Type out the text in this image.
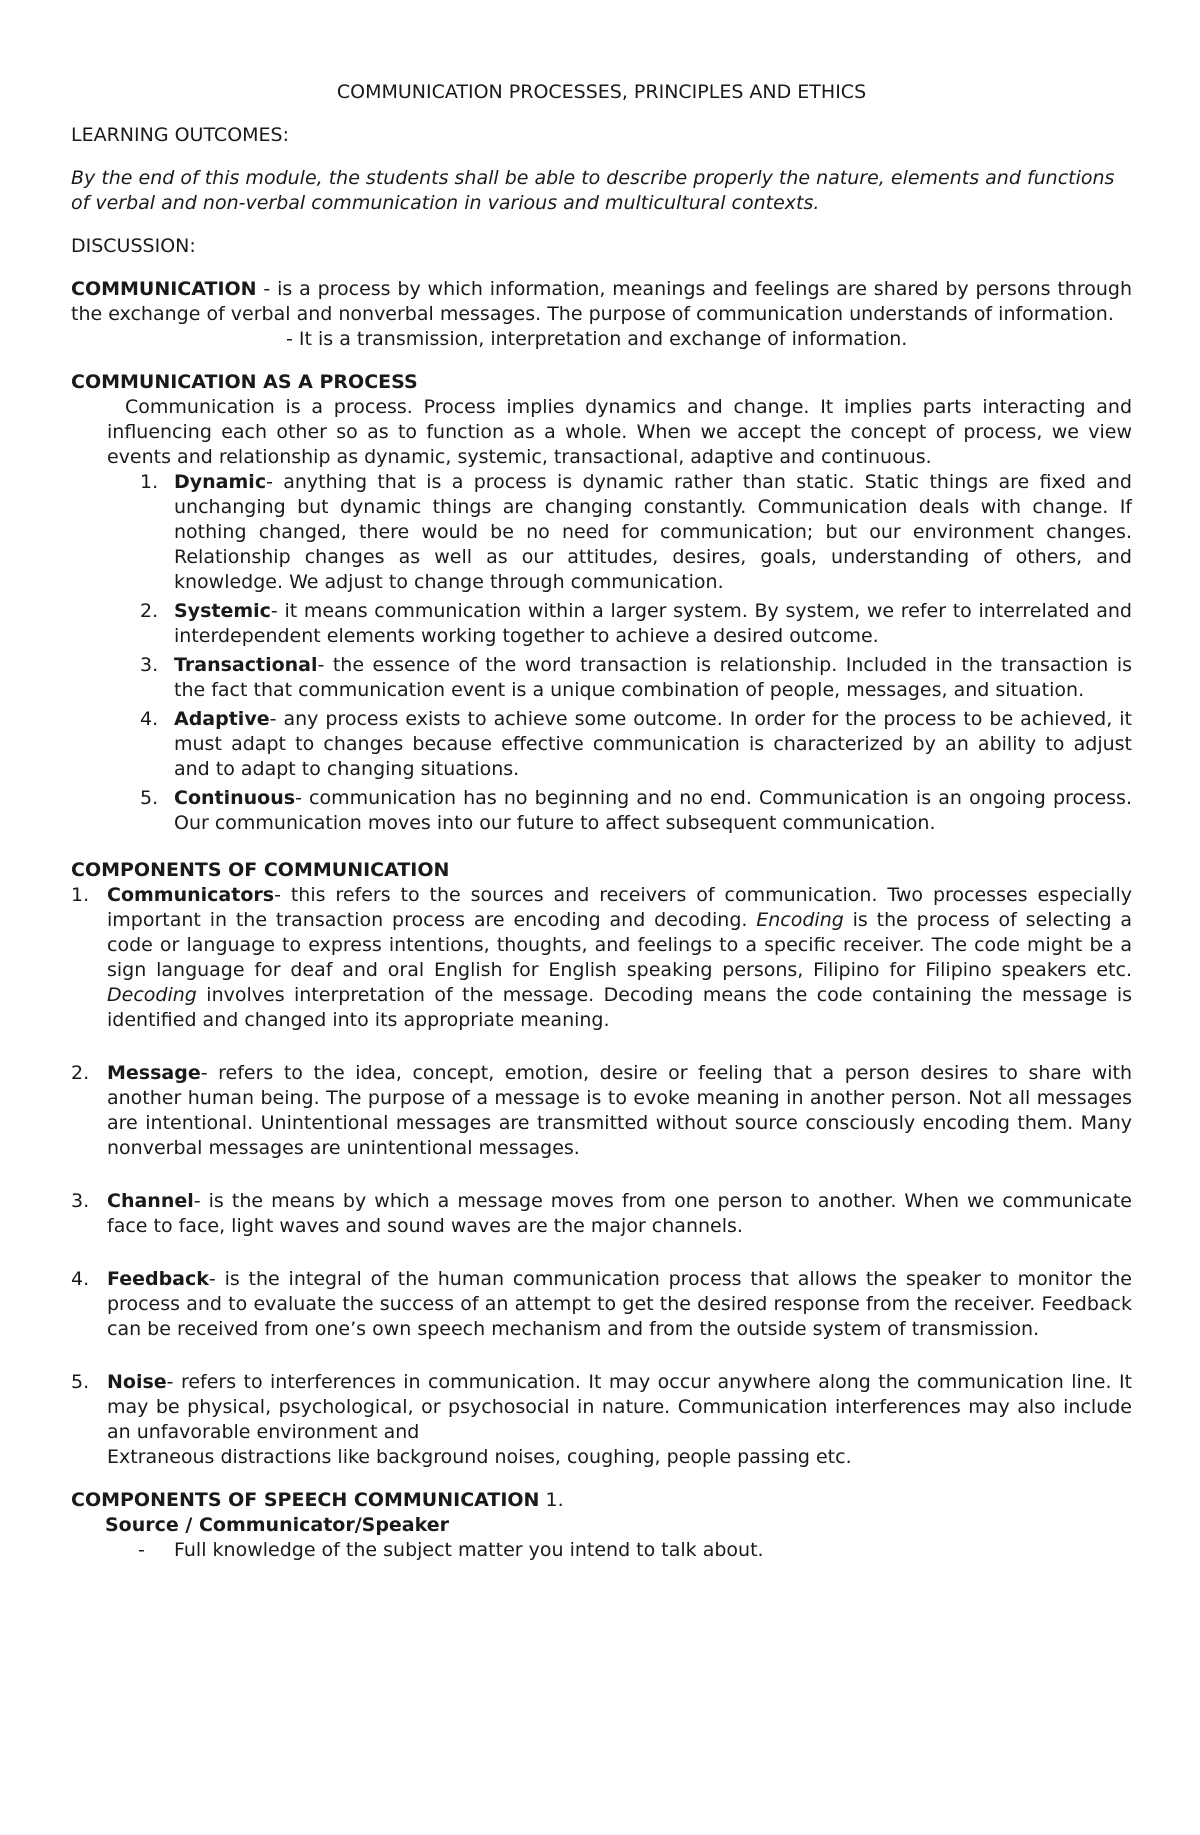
COMMUNICATION PROCESSES, PRINCIPLES AND ETHICS

LEARNING OUTCOMES:

By the end of this module, the students shall be able to describe properly the nature, elements and functions of verbal and non-verbal communication in various and multicultural contexts.

DISCUSSION:

COMMUNICATION - is a process by which information, meanings and feelings are shared by persons through the exchange of verbal and nonverbal messages. The purpose of communication understands of information.

- It is a transmission, interpretation and exchange of information.

COMMUNICATION AS A PROCESS

Communication is a process. Process implies dynamics and change. It implies parts interacting and influencing each other so as to function as a whole. When we accept the concept of process, we view events and relationship as dynamic, systemic, transactional, adaptive and continuous.

1. Dynamic- anything that is a process is dynamic rather than static. Static things are fixed and unchanging but dynamic things are changing constantly. Communication deals with change. If nothing changed, there would be no need for communication; but our environment changes. Relationship changes as well as our attitudes, desires, goals, understanding of others, and knowledge. We adjust to change through communication.
2. Systemic- it means communication within a larger system. By system, we refer to interrelated and interdependent elements working together to achieve a desired outcome.
3. Transactional- the essence of the word transaction is relationship. Included in the transaction is the fact that communication event is a unique combination of people, messages, and situation.
4. Adaptive- any process exists to achieve some outcome. In order for the process to be achieved, it must adapt to changes because effective communication is characterized by an ability to adjust and to adapt to changing situations.
5. Continuous- communication has no beginning and no end. Communication is an ongoing process. Our communication moves into our future to affect subsequent communication.

COMPONENTS OF COMMUNICATION

1. Communicators- this refers to the sources and receivers of communication. Two processes especially important in the transaction process are encoding and decoding. Encoding is the process of selecting a code or language to express intentions, thoughts, and feelings to a specific receiver. The code might be a sign language for deaf and oral English for English speaking persons, Filipino for Filipino speakers etc. Decoding involves interpretation of the message. Decoding means the code containing the message is identified and changed into its appropriate meaning.
2. Message- refers to the idea, concept, emotion, desire or feeling that a person desires to share with another human being. The purpose of a message is to evoke meaning in another person. Not all messages are intentional. Unintentional messages are transmitted without source consciously encoding them. Many nonverbal messages are unintentional messages.
3. Channel- is the means by which a message moves from one person to another. When we communicate face to face, light waves and sound waves are the major channels.
4. Feedback- is the integral of the human communication process that allows the speaker to monitor the process and to evaluate the success of an attempt to get the desired response from the receiver. Feedback can be received from one’s own speech mechanism and from the outside system of transmission.
5. Noise- refers to interferences in communication. It may occur anywhere along the communication line. It may be physical, psychological, or psychosocial in nature. Communication interferences may also include an unfavorable environment and
Extraneous distractions like background noises, coughing, people passing etc.

COMPONENTS OF SPEECH COMMUNICATION 1.

Source / Communicator/Speaker

- Full knowledge of the subject matter you intend to talk about.
